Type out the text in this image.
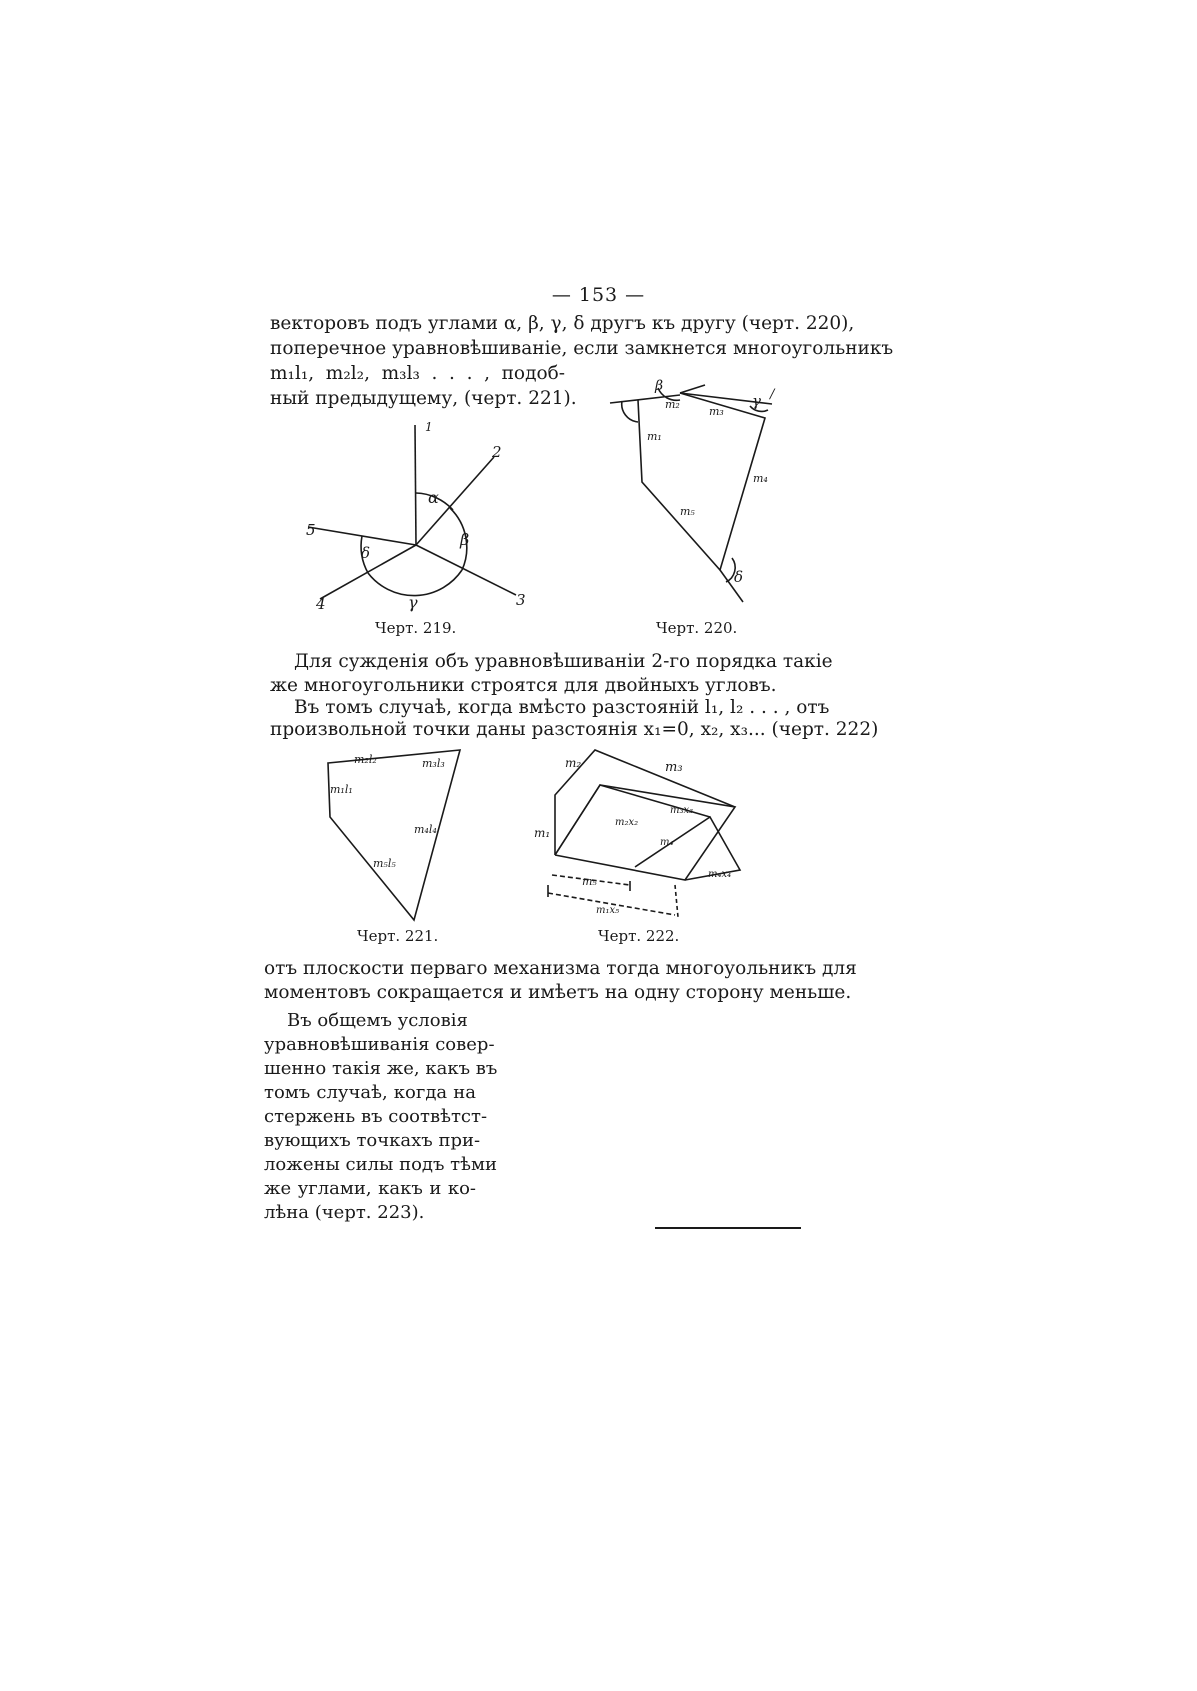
— 153 —
векторовъ подъ углами α, β, γ, δ другъ къ другу (черт. 220),
поперечное уравновѣшиваніе, если замкнется многоугольникъ
m₁l₁, m₂l₂, m₃l₃ . . . , подоб-
ный предыдущему, (черт. 221).
1
2
3
4
5
α
β
γ
δ
Черт. 219.
β
γ /
δ
m₂
m₃
m₁
m₄
m₅
Черт. 220.
Для сужденія объ уравновѣшиваніи 2-го порядка такіе
же многоугольники строятся для двойныхъ угловъ.
Въ томъ случаѣ, когда вмѣсто разстояній l₁, l₂ . . . , отъ
произвольной точки даны разстоянія x₁=0, x₂, x₃... (черт. 222)
m₁l₁
m₂l₂	m₃l₃
m₄l₄
m₅l₅
Черт. 221.
m₂	m₃
m₃x₃
m₂x₂
m₁
m₄
m₄x₄
m₅
m₁x₅
Черт. 222.
отъ плоскости перваго механизма тогда многоуольникъ для
моментовъ сокращается и имѣетъ на одну сторону меньше.
Въ общемъ условія
уравновѣшиванія совер-
шенно такія же, какъ въ
томъ случаѣ, когда на
стержень въ соотвѣтст-
вующихъ точкахъ при-
ложены силы подъ тѣми
же углами, какъ и ко-
лѣна (черт. 223).
